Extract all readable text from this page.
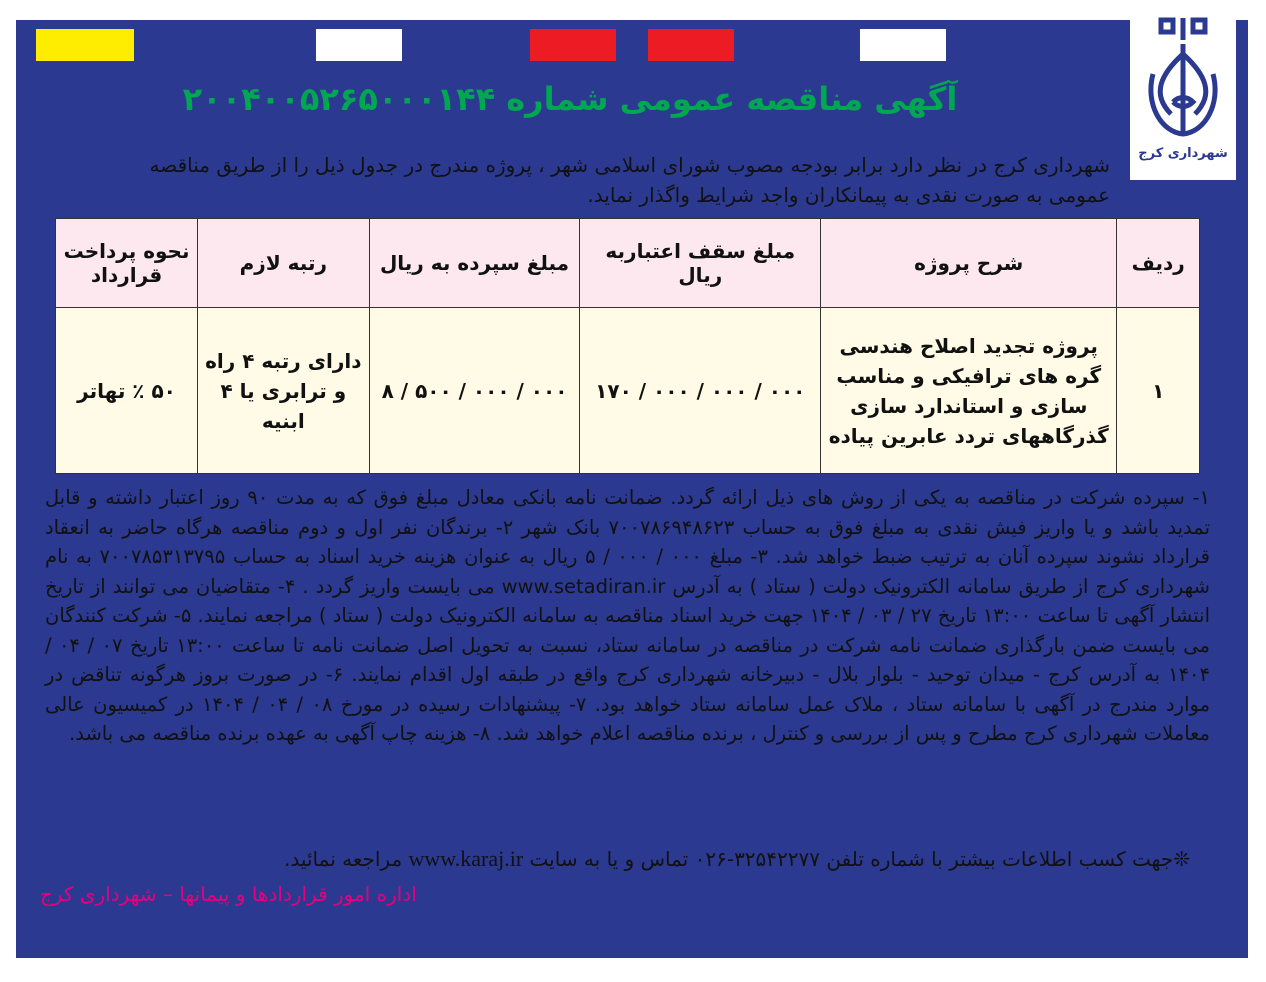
شهرداری کرج
آگهی مناقصه عمومی شماره ۲۰۰۴۰۰۵۲۶۵۰۰۰۱۴۴
شهرداری کرج در نظر دارد برابر بودجه مصوب شورای اسلامی شهر ، پروژه مندرج در جدول ذیل را از طریق مناقصه عمومی به صورت نقدی به پیمانکاران واجد شرایط واگذار نماید.
ردیف	شرح پروژه	مبلغ سقف اعتباربه ریال	مبلغ سپرده به ریال	رتبه لازم	نحوه پرداخت قرارداد
۱	پروژه تجدید اصلاح هندسی گره های ترافیکی و مناسب سازی و استاندارد سازی گذرگاههای تردد عابرین پیاده	۰۰۰ / ۰۰۰ / ۰۰۰ / ۱۷۰	۰۰۰ / ۰۰۰ / ۵۰۰ / ۸	دارای رتبه ۴ راه و ترابری یا ۴ ابنیه	۵۰ ٪ تهاتر
۱- سپرده شرکت در مناقصه به یکی از روش های ذیل ارائه گردد. ضمانت نامه بانکی معادل مبلغ فوق که به مدت ۹۰ روز اعتبار داشته و قابل تمدید باشد و یا واریز فیش نقدی به مبلغ فوق به حساب ۷۰۰۷۸۶۹۴۸۶۲۳ بانک شهر ۲- برندگان نفر اول و دوم مناقصه هرگاه حاضر به انعقاد قرارداد نشوند سپرده آنان به ترتیب ضبط خواهد شد. ۳- مبلغ ۰۰۰ / ۰۰۰ / ۵ ریال به عنوان هزینه خرید اسناد به حساب ۷۰۰۷۸۵۳۱۳۷۹۵ به نام شهرداری کرج از طریق سامانه الکترونیک دولت ( ستاد ) به آدرس www.setadiran.ir می بایست واریز گردد . ۴- متقاضیان می توانند از تاریخ انتشار آگهی تا ساعت ۱۳:۰۰ تاریخ ۲۷ / ۰۳ / ۱۴۰۴ جهت خرید اسناد مناقصه به سامانه الکترونیک دولت ( ستاد ) مراجعه نمایند. ۵- شرکت کنندگان می بایست ضمن بارگذاری ضمانت نامه شرکت در مناقصه در سامانه ستاد، نسبت به تحویل اصل ضمانت نامه تا ساعت ۱۳:۰۰ تاریخ ۰۷ / ۰۴ / ۱۴۰۴ به آدرس کرج - میدان توحید - بلوار بلال - دبیرخانه شهرداری کرج واقع در طبقه اول اقدام نمایند. ۶- در صورت بروز هرگونه تناقض در موارد مندرج در آگهی با سامانه ستاد ، ملاک عمل سامانه ستاد خواهد بود. ۷- پیشنهادات رسیده در مورخ ۰۸ / ۰۴ / ۱۴۰۴ در کمیسیون عالی معاملات شهرداری کرج مطرح و پس از بررسی و کنترل ، برنده مناقصه اعلام خواهد شد. ۸- هزینه چاپ آگهی به عهده برنده مناقصه می باشد.
❊جهت کسب اطلاعات بیشتر با شماره تلفن ۳۲۵۴۲۲۷۷-۰۲۶ تماس و یا به سایت www.karaj.ir مراجعه نمائید.
اداره امور قراردادها و پیمانها – شهرداری کرج
